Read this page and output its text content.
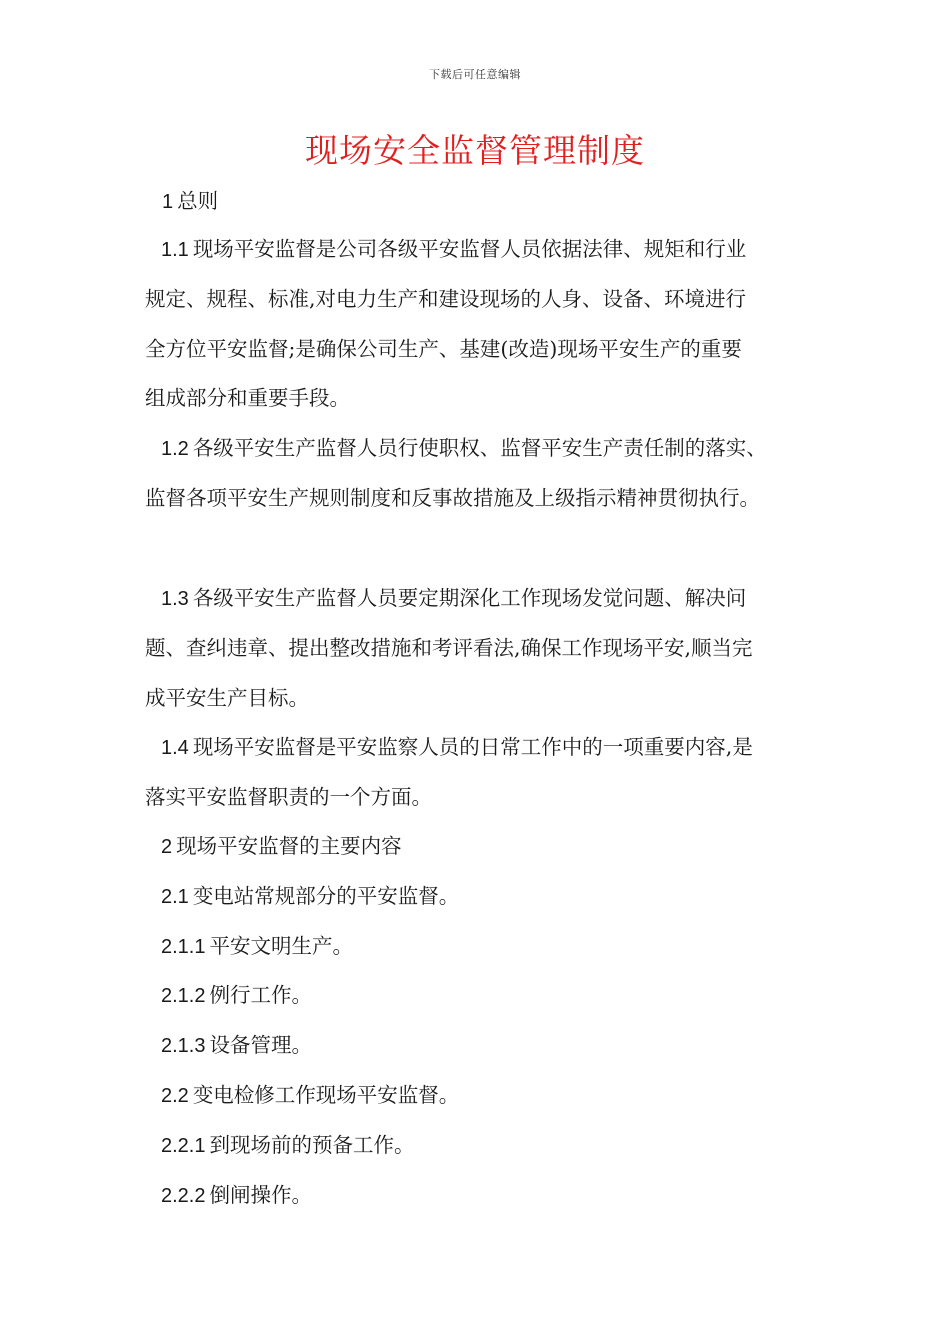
下载后可任意编辑
现场安全监督管理制度
1 总则
1.1 现场平安监督是公司各级平安监督人员依据法律、规矩和行业
规定、规程、标准,对电力生产和建设现场的人身、设备、环境进行
全方位平安监督;是确保公司生产、基建(改造)现场平安生产的重要
组成部分和重要手段。
1.2 各级平安生产监督人员行使职权、监督平安生产责任制的落实、
监督各项平安生产规则制度和反事故措施及上级指示精神贯彻执行。
1.3 各级平安生产监督人员要定期深化工作现场发觉问题、解决问
题、查纠违章、提出整改措施和考评看法,确保工作现场平安,顺当完
成平安生产目标。
1.4 现场平安监督是平安监察人员的日常工作中的一项重要内容,是
落实平安监督职责的一个方面。
2 现场平安监督的主要内容
2.1 变电站常规部分的平安监督。
2.1.1 平安文明生产。
2.1.2 例行工作。
2.1.3 设备管理。
2.2 变电检修工作现场平安监督。
2.2.1 到现场前的预备工作。
2.2.2 倒闸操作。
